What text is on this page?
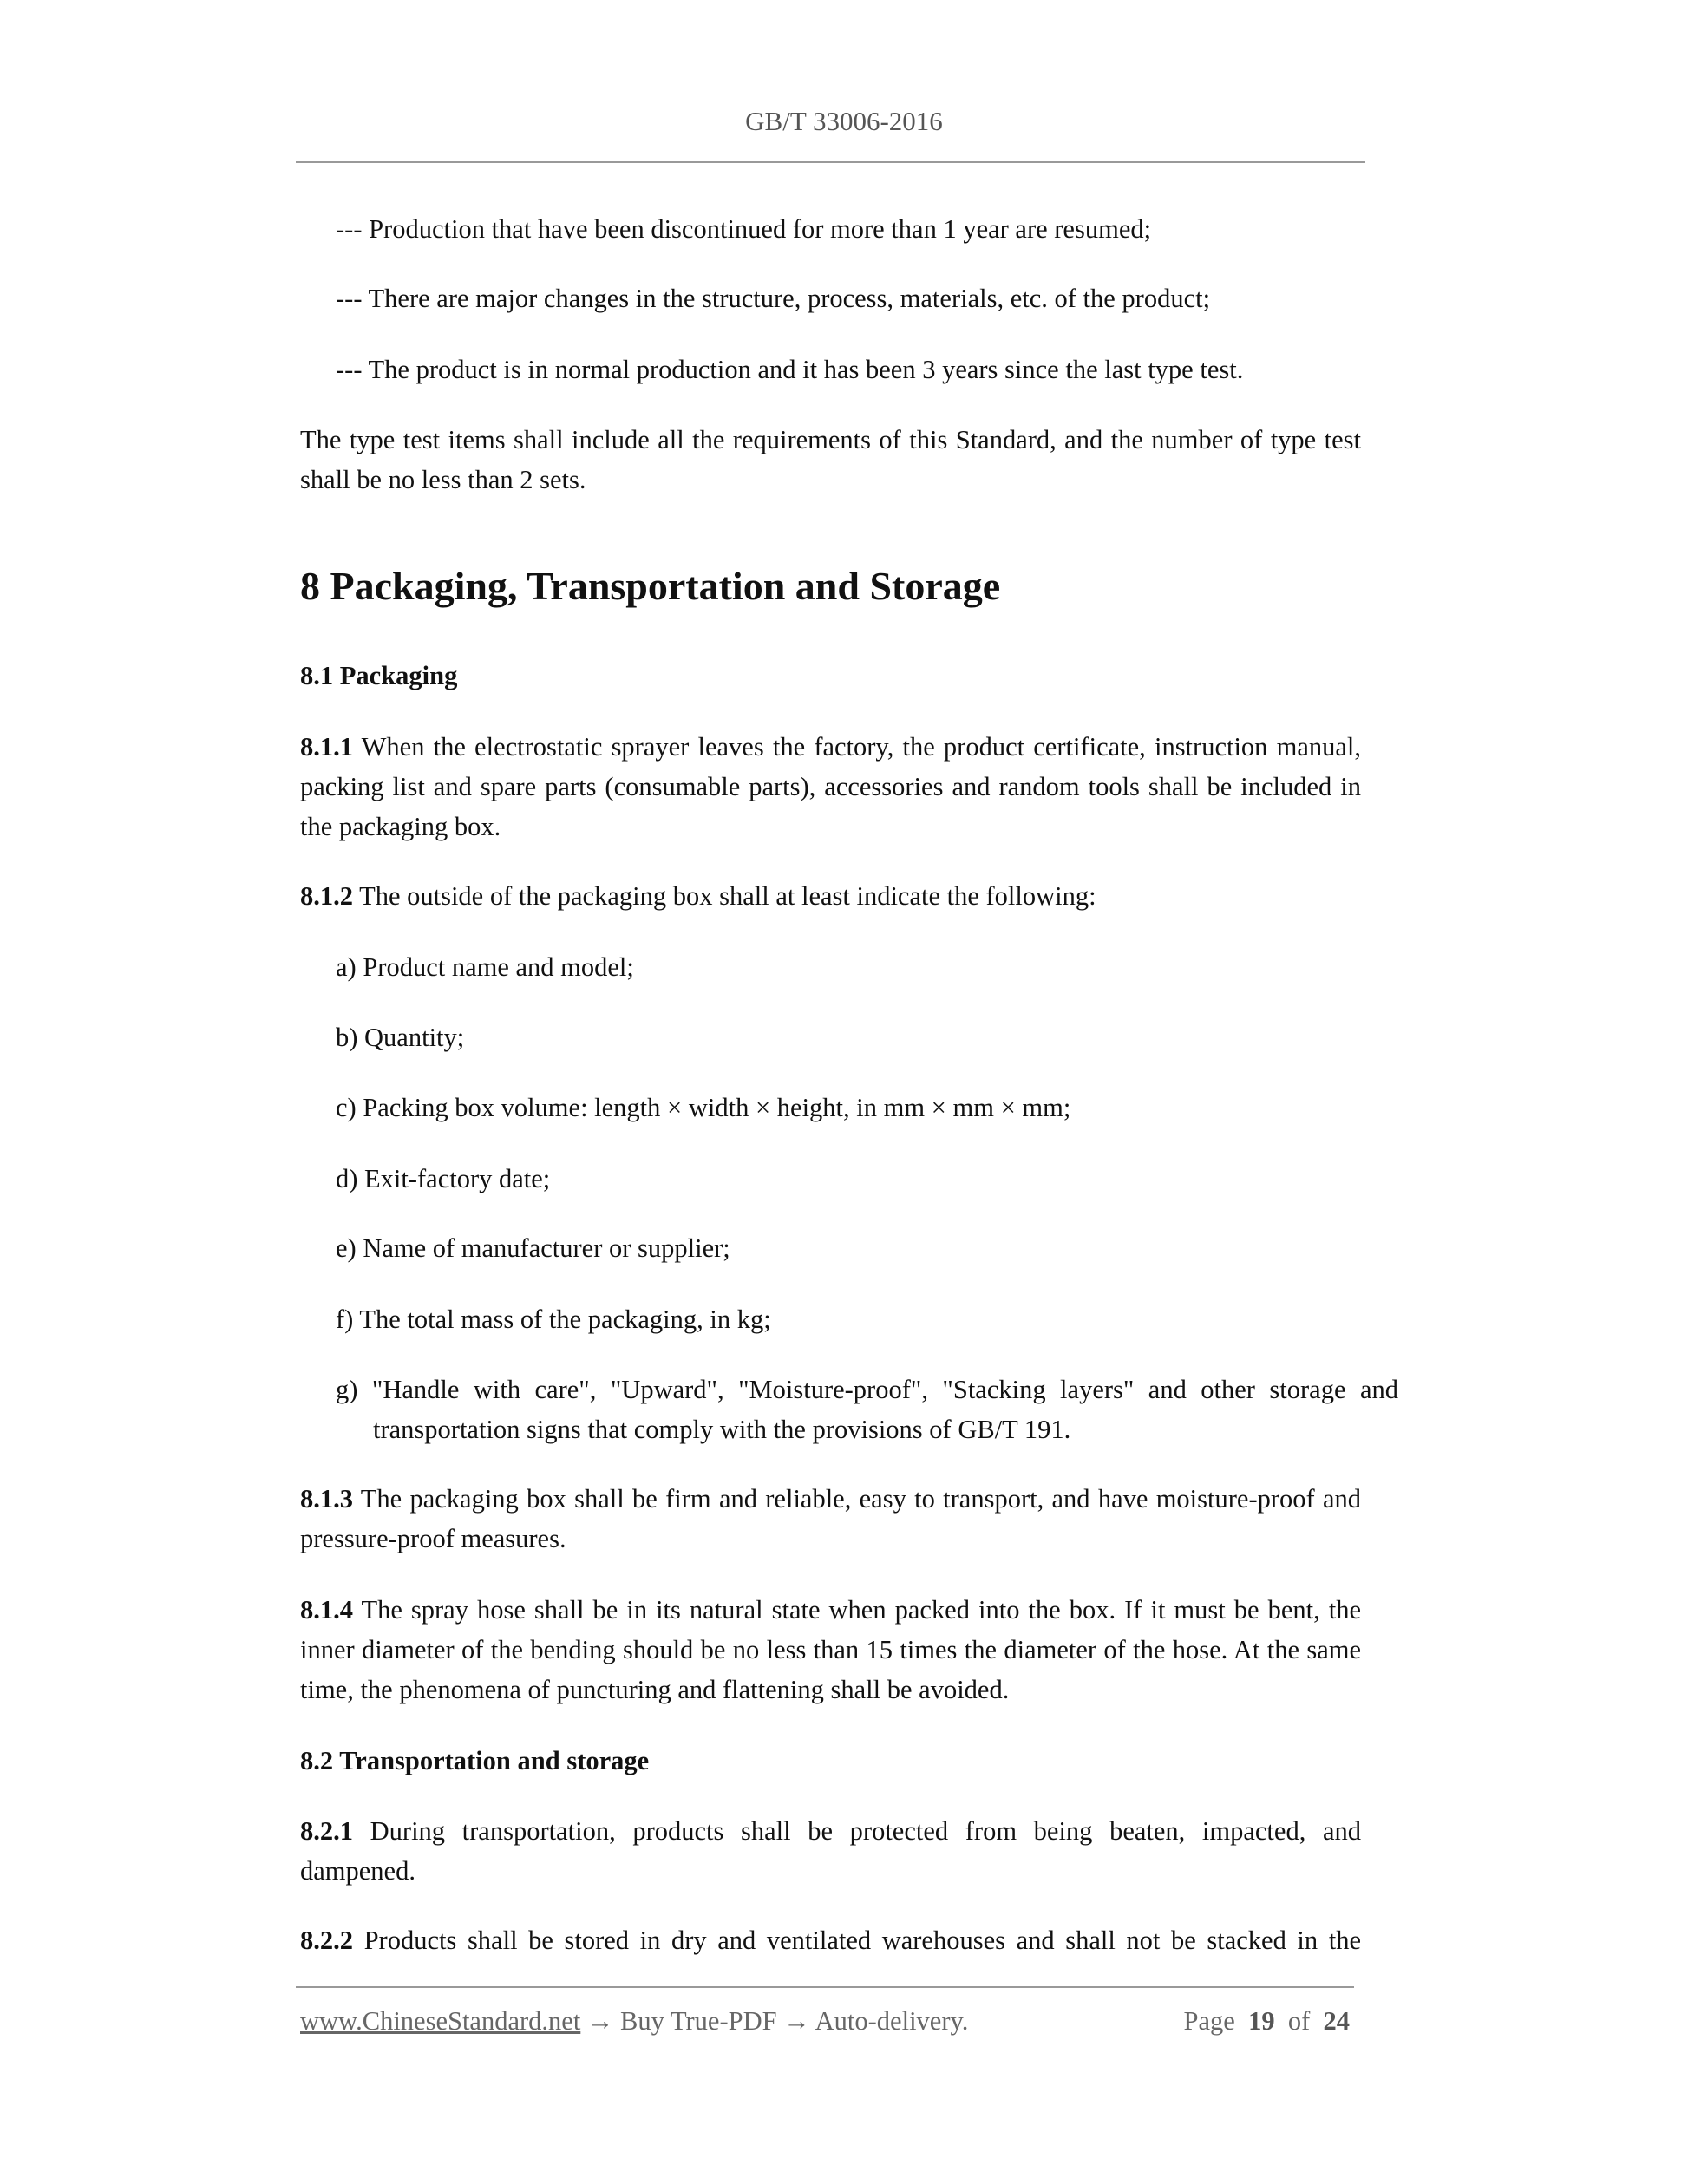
GB/T 33006-2016
--- Production that have been discontinued for more than 1 year are resumed;
--- There are major changes in the structure, process, materials, etc. of the product;
--- The product is in normal production and it has been 3 years since the last type test.
The type test items shall include all the requirements of this Standard, and the number of type test shall be no less than 2 sets.
8 Packaging, Transportation and Storage
8.1 Packaging
8.1.1 When the electrostatic sprayer leaves the factory, the product certificate, instruction manual, packing list and spare parts (consumable parts), accessories and random tools shall be included in the packaging box.
8.1.2 The outside of the packaging box shall at least indicate the following:
a) Product name and model;
b) Quantity;
c) Packing box volume: length × width × height, in mm × mm × mm;
d) Exit-factory date;
e) Name of manufacturer or supplier;
f) The total mass of the packaging, in kg;
g) "Handle with care", "Upward", "Moisture-proof", "Stacking layers" and other storage and transportation signs that comply with the provisions of GB/T 191.
8.1.3 The packaging box shall be firm and reliable, easy to transport, and have moisture-proof and pressure-proof measures.
8.1.4 The spray hose shall be in its natural state when packed into the box. If it must be bent, the inner diameter of the bending should be no less than 15 times the diameter of the hose. At the same time, the phenomena of puncturing and flattening shall be avoided.
8.2 Transportation and storage
8.2.1 During transportation, products shall be protected from being beaten, impacted, and dampened.
8.2.2 Products shall be stored in dry and ventilated warehouses and shall not be stacked in the
www.ChineseStandard.net → Buy True-PDF → Auto-delivery.	Page 19 of 24
